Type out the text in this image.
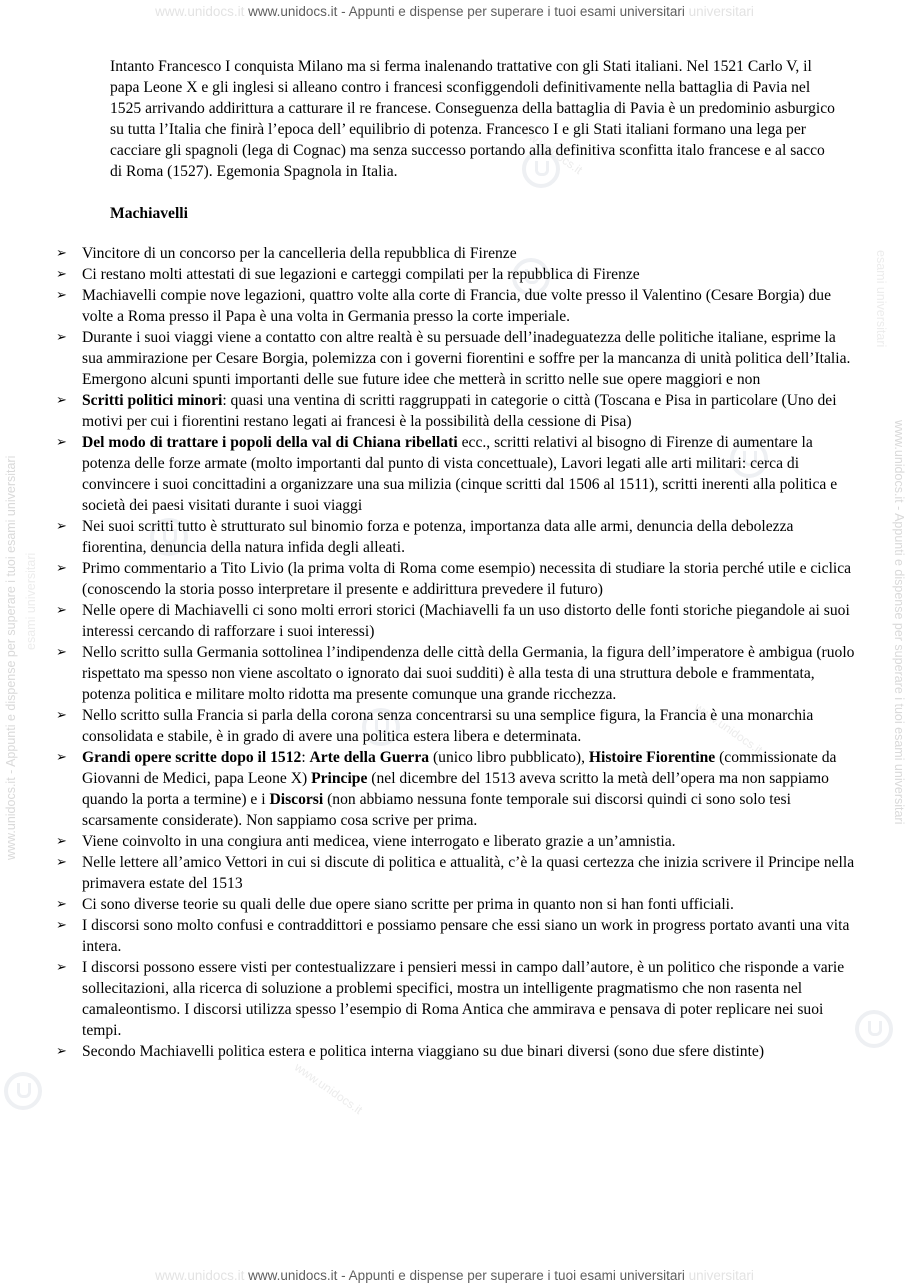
www.unidocs.it www.unidocs.it - Appunti e dispense per superare i tuoi esami universitari universitari
www.unidocs.it - Appunti e dispense per superare i tuoi esami universitari esami universitari	www.unidocs.it - Appunti e dispense per superare i tuoi esami universitari
esami universitari
www.unidocs.it
www.unidocs.it
www.unidocs.it
Intanto Francesco I conquista Milano ma si ferma inalenando trattative con gli Stati italiani. Nel 1521 Carlo V, il papa Leone X e gli inglesi si alleano contro i francesi sconfiggendoli definitivamente nella battaglia di Pavia nel 1525 arrivando addirittura a catturare il re francese. Conseguenza della battaglia di Pavia è un predominio asburgico su tutta l’Italia che finirà l’epoca dell’ equilibrio di potenza. Francesco I e gli Stati italiani formano una lega per cacciare gli spagnoli (lega di Cognac) ma senza successo portando alla definitiva sconfitta italo francese e al sacco di Roma (1527). Egemonia Spagnola in Italia.
Machiavelli
➢ Vincitore di un concorso per la cancelleria della repubblica di Firenze
➢ Ci restano molti attestati di sue legazioni e carteggi compilati per la repubblica di Firenze
➢ Machiavelli compie nove legazioni, quattro volte alla corte di Francia, due volte presso il Valentino (Cesare Borgia) due volte a Roma presso il Papa è una volta in Germania presso la corte imperiale.
➢ Durante i suoi viaggi viene a contatto con altre realtà è su persuade dell’inadeguatezza delle politiche italiane, esprime la sua ammirazione per Cesare Borgia, polemizza con i governi fiorentini e soffre per la mancanza di unità politica dell’Italia. Emergono alcuni spunti importanti delle sue future idee che metterà in scritto nelle sue opere maggiori e non
➢ Scritti politici minori: quasi una ventina di scritti raggruppati in categorie o città (Toscana e Pisa in particolare (Uno dei motivi per cui i fiorentini restano legati ai francesi è la possibilità della cessione di Pisa)
➢ Del modo di trattare i popoli della val di Chiana ribellati ecc., scritti relativi al bisogno di Firenze di aumentare la potenza delle forze armate (molto importanti dal punto di vista concettuale), Lavori legati alle arti militari: cerca di convincere i suoi concittadini a organizzare una sua milizia (cinque scritti dal 1506 al 1511), scritti inerenti alla politica e società dei paesi visitati durante i suoi viaggi
➢ Nei suoi scritti tutto è strutturato sul binomio forza e potenza, importanza data alle armi, denuncia della debolezza fiorentina, denuncia della natura infida degli alleati.
➢ Primo commentario a Tito Livio (la prima volta di Roma come esempio) necessita di studiare la storia perché utile e ciclica (conoscendo la storia posso interpretare il presente e addirittura prevedere il futuro)
➢ Nelle opere di Machiavelli ci sono molti errori storici (Machiavelli fa un uso distorto delle fonti storiche piegandole ai suoi interessi cercando di rafforzare i suoi interessi)
➢ Nello scritto sulla Germania sottolinea l’indipendenza delle città della Germania, la figura dell’imperatore è ambigua (ruolo rispettato ma spesso non viene ascoltato o ignorato dai suoi sudditi) è alla testa di una struttura debole e frammentata, potenza politica e militare molto ridotta ma presente comunque una grande ricchezza.
➢ Nello scritto sulla Francia si parla della corona senza concentrarsi su una semplice figura, la Francia è una monarchia consolidata e stabile, è in grado di avere una politica estera libera e determinata.
➢ Grandi opere scritte dopo il 1512: Arte della Guerra (unico libro pubblicato), Histoire Fiorentine (commissionate da Giovanni de Medici, papa Leone X) Principe (nel dicembre del 1513 aveva scritto la metà dell’opera ma non sappiamo quando la porta a termine) e i Discorsi (non abbiamo nessuna fonte temporale sui discorsi quindi ci sono solo tesi scarsamente considerate). Non sappiamo cosa scrive per prima.
➢ Viene coinvolto in una congiura anti medicea, viene interrogato e liberato grazie a un’amnistia.
➢ Nelle lettere all’amico Vettori in cui si discute di politica e attualità, c’è la quasi certezza che inizia scrivere il Principe nella primavera estate del 1513
➢ Ci sono diverse teorie su quali delle due opere siano scritte per prima in quanto non si han fonti ufficiali.
➢ I discorsi sono molto confusi e contraddittori e possiamo pensare che essi siano un work in progress portato avanti una vita intera.
➢ I discorsi possono essere visti per contestualizzare i pensieri messi in campo dall’autore, è un politico che risponde a varie sollecitazioni, alla ricerca di soluzione a problemi specifici, mostra un intelligente pragmatismo che non rasenta nel camaleontismo. I discorsi utilizza spesso l’esempio di Roma Antica che ammirava e pensava di poter replicare nei suoi tempi.
➢ Secondo Machiavelli politica estera e politica interna viaggiano su due binari diversi (sono due sfere distinte)
www.unidocs.it www.unidocs.it - Appunti e dispense per superare i tuoi esami universitari universitari
